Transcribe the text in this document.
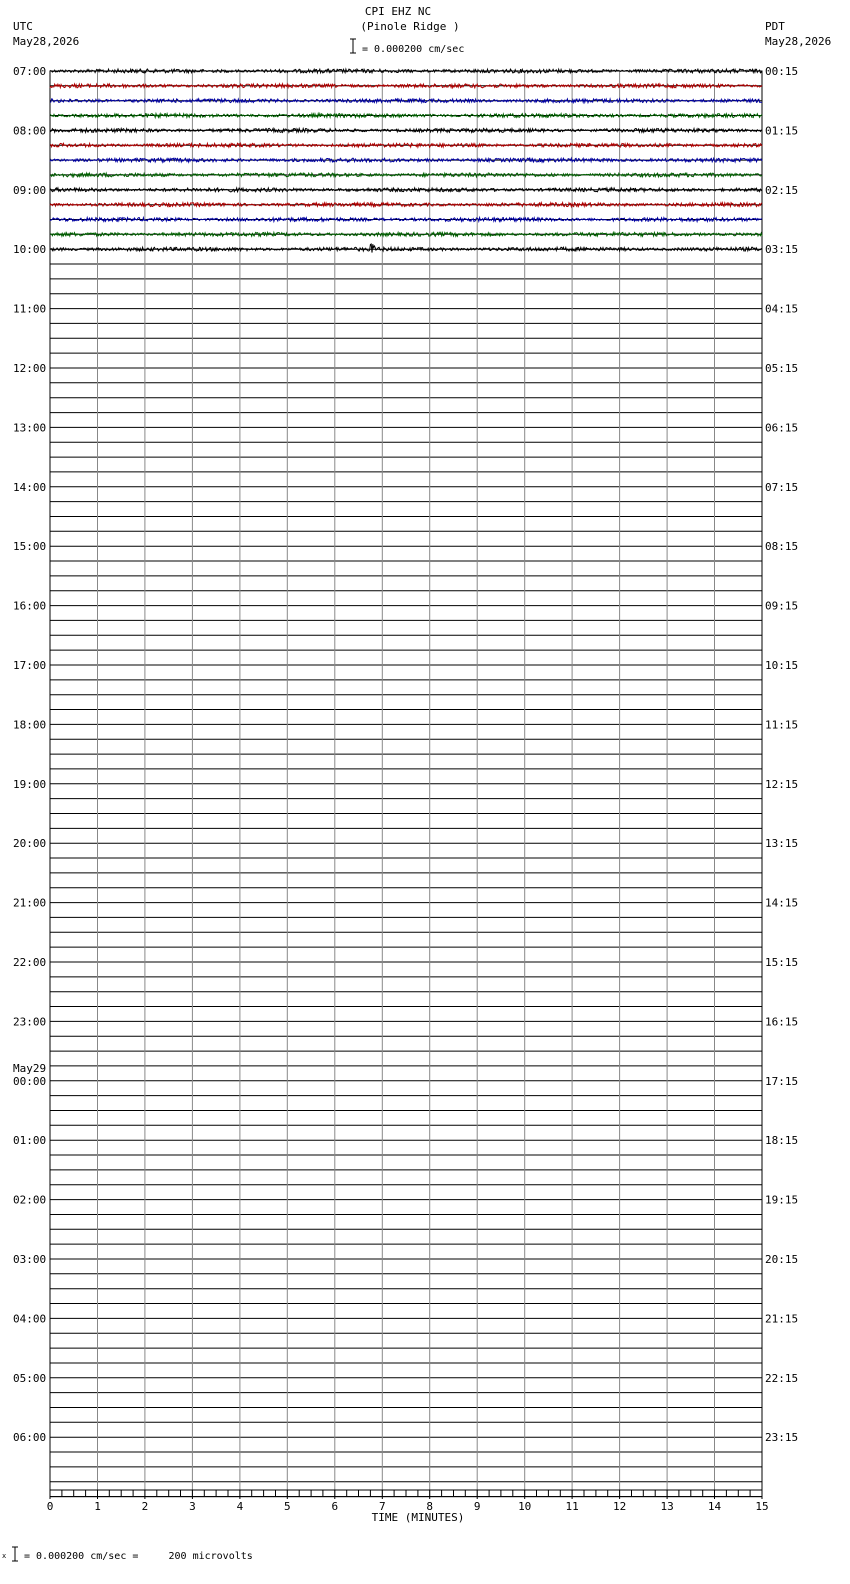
CPI EHZ NC
(Pinole Ridge )
= 0.000200 cm/sec
UTC
May28,2026
PDT
May28,2026
07:00
08:00
09:00
10:00
11:00
12:00
13:00
14:00
15:00
16:00
17:00
18:00
19:00
20:00
21:00
22:00
23:00
00:00
01:00
02:00
03:00
04:00
05:00
06:00
00:15
01:15
02:15
03:15
04:15
05:15
06:15
07:15
08:15
09:15
10:15
11:15
12:15
13:15
14:15
15:15
16:15
17:15
18:15
19:15
20:15
21:15
22:15
23:15
May29
0	1	2	3	4	5	6	7	8	9	10	11	12	13	14	15
TIME (MINUTES)
x = 0.000200 cm/sec =     200 microvolts
